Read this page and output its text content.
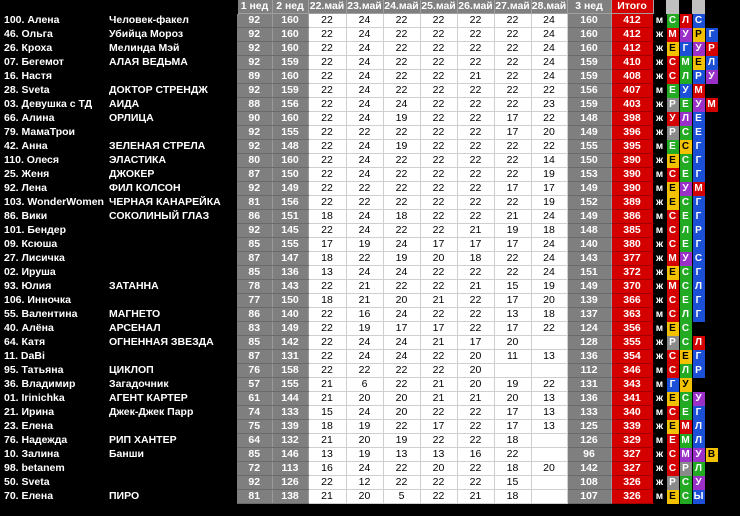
		1 нед	2 нед	22.май	23.май	24.май	25.май	26.май	27.май	28.май	3 нед	Итого					
100. Алена	Человек-факел	92	160	22	24	22	22	22	22	24	160	412	м	С	Л	С	
46. Ольга	Убийца Мороз	92	160	22	24	22	22	22	22	24	160	412	ж	М	У	Р	Г
26. Кроха	Мелинда Мэй	92	160	22	24	22	22	22	22	24	160	412	ж	Е	Г	У	Р
07. Бегемот	АЛАЯ ВЕДЬМА	92	159	22	24	22	22	22	22	24	159	410	ж	С	М	Е	Л
16. Настя		89	160	22	24	22	22	21	22	24	159	408	ж	С	Л	Р	У
28. Sveta	ДОКТОР СТРЕНДЖ	92	159	22	24	22	22	22	22	22	156	407	м	Е	У	М	
03. Девушка с ТД	АИДА	88	156	22	24	24	22	22	22	23	159	403	ж	Р	Е	У	М
66. Алина	ОРЛИЦА	90	160	22	24	19	22	22	17	22	148	398	ж	У	Л	Е	
79. МамаТрои		92	155	22	22	22	22	22	17	20	149	396	ж	Р	С	Е	
42. Анна	ЗЕЛЕНАЯ СТРЕЛА	92	148	22	24	19	22	22	22	22	155	395	м	Е	С	Г	
110. Олеся	ЭЛАСТИКА	80	160	22	24	22	22	22	22	14	150	390	ж	Е	С	Г	
25. Женя	ДЖОКЕР	87	150	22	24	22	22	22	22	19	153	390	м	С	Е	Г	
92. Лена	ФИЛ КОЛСОН	92	149	22	22	22	22	22	17	17	149	390	м	Е	У	М	
103. WonderWomen	ЧЕРНАЯ КАНАРЕЙКА	81	156	22	22	22	22	22	22	19	152	389	ж	Е	С	Г	
86. Вики	СОКОЛИНЫЙ ГЛАЗ	86	151	18	24	18	22	22	21	24	149	386	м	С	Е	Г	
101. Бендер		92	145	22	24	22	22	21	19	18	148	385	м	С	Л	Р	
09. Ксюша		85	155	17	19	24	17	17	17	24	140	380	ж	С	Е	Г	
27. Лисичка		87	147	18	22	19	20	18	22	24	143	377	ж	М	У	С	
02. Ируша		85	136	13	24	24	22	22	22	24	151	372	ж	Е	С	Г	
93. Юлия	ЗАТАННА	78	143	22	21	22	22	21	15	19	149	370	ж	М	С	Л	
106. Инночка		77	150	18	21	20	21	22	17	20	139	366	ж	С	Е	Г	
55. Валентина	МАГНЕТО	86	140	22	16	24	22	22	13	18	137	363	м	С	Л	Г	
40. Алёна	АРСЕНАЛ	83	149	22	19	17	17	22	17	22	124	356	м	Е	С		
64. Катя	ОГНЕННАЯ ЗВЕЗДА	85	142	22	24	24	21	17	20		128	355	ж	Р	С	Л	
11. DaBi		87	131	22	24	24	22	20	11	13	136	354	ж	С	Е	Г	
95. Татьяна	ЦИКЛОП	76	158	22	22	22	22	20			112	346	м	С	Л	Р	
36. Владимир	Загадочник	57	155	21	6	22	21	20	19	22	131	343	м	Г	У		
01. Irinichka	АГЕНТ КАРТЕР	61	144	21	20	20	21	21	20	13	136	341	ж	Е	С	У	
21. Ирина	Джек-Джек Парр	74	133	15	24	20	22	22	17	13	133	340	м	С	Е	Г	
23. Елена		75	139	18	19	22	17	22	17	13	125	339	ж	Е	М	Л	
76. Надежда	РИП ХАНТЕР	64	132	21	20	19	22	22	18		126	329	м	Е	М	Л	
10. Залина	Банши	85	146	13	19	13	13	16	22		96	327	ж	С	М	У	В
98. betanem		72	113	16	24	22	20	22	18	20	142	327	ж	С	Р	Л	
50. Sveta		92	126	22	12	22	22	22	15		108	326	ж	Р	С	У	
70. Елена	ПИРО	81	138	21	20	5	22	21	18		107	326	м	Е	С	Ы	
